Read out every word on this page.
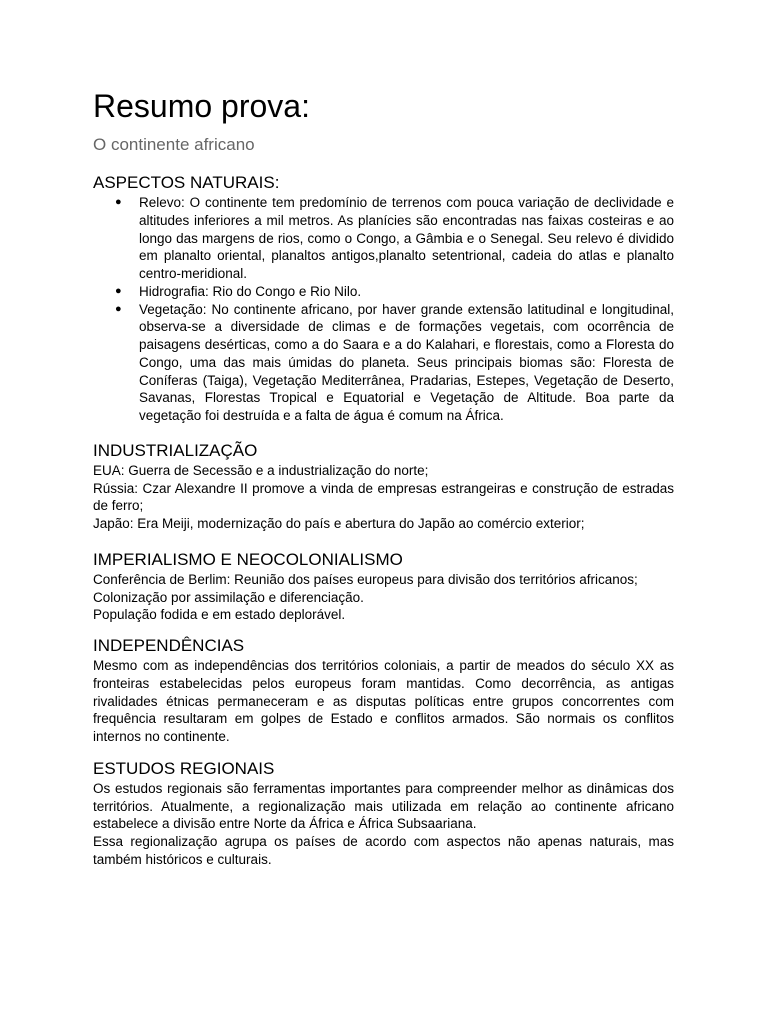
Resumo prova:

O continente africano

ASPECTOS NATURAIS:
● Relevo: O continente tem predomínio de terrenos com pouca variação de declividade e altitudes inferiores a mil metros. As planícies são encontradas nas faixas costeiras e ao longo das margens de rios, como o Congo, a Gâmbia e o Senegal. Seu relevo é dividido em planalto oriental, planaltos antigos,planalto setentrional, cadeia do atlas e planalto centro-meridional.
● Hidrografia: Rio do Congo e Rio Nilo.
● Vegetação: No continente africano, por haver grande extensão latitudinal e longitudinal, observa-se a diversidade de climas e de formações vegetais, com ocorrência de paisagens desérticas, como a do Saara e a do Kalahari, e florestais, como a Floresta do Congo, uma das mais úmidas do planeta. Seus principais biomas são: Floresta de Coníferas (Taiga), Vegetação Mediterrânea, Pradarias, Estepes, Vegetação de Deserto, Savanas, Florestas Tropical e Equatorial e Vegetação de Altitude. Boa parte da vegetação foi destruída e a falta de água é comum na África.
INDUSTRIALIZAÇÃO

EUA: Guerra de Secessão e a industrialização do norte;

Rússia: Czar Alexandre II promove a vinda de empresas estrangeiras e construção de estradas de ferro;

Japão: Era Meiji, modernização do país e abertura do Japão ao comércio exterior;

IMPERIALISMO E NEOCOLONIALISMO

Conferência de Berlim: Reunião dos países europeus para divisão dos territórios africanos;

Colonização por assimilação e diferenciação.

População fodida e em estado deplorável.

INDEPENDÊNCIAS

Mesmo com as independências dos territórios coloniais, a partir de meados do século XX as fronteiras estabelecidas pelos europeus foram mantidas. Como decorrência, as antigas rivalidades étnicas permaneceram e as disputas políticas entre grupos concorrentes com frequência resultaram em golpes de Estado e conflitos armados. São normais os conflitos internos no continente.

ESTUDOS REGIONAIS

Os estudos regionais são ferramentas importantes para compreender melhor as dinâmicas dos territórios. Atualmente, a regionalização mais utilizada em relação ao continente africano estabelece a divisão entre Norte da África e África Subsaariana.

Essa regionalização agrupa os países de acordo com aspectos não apenas naturais, mas também históricos e culturais.
